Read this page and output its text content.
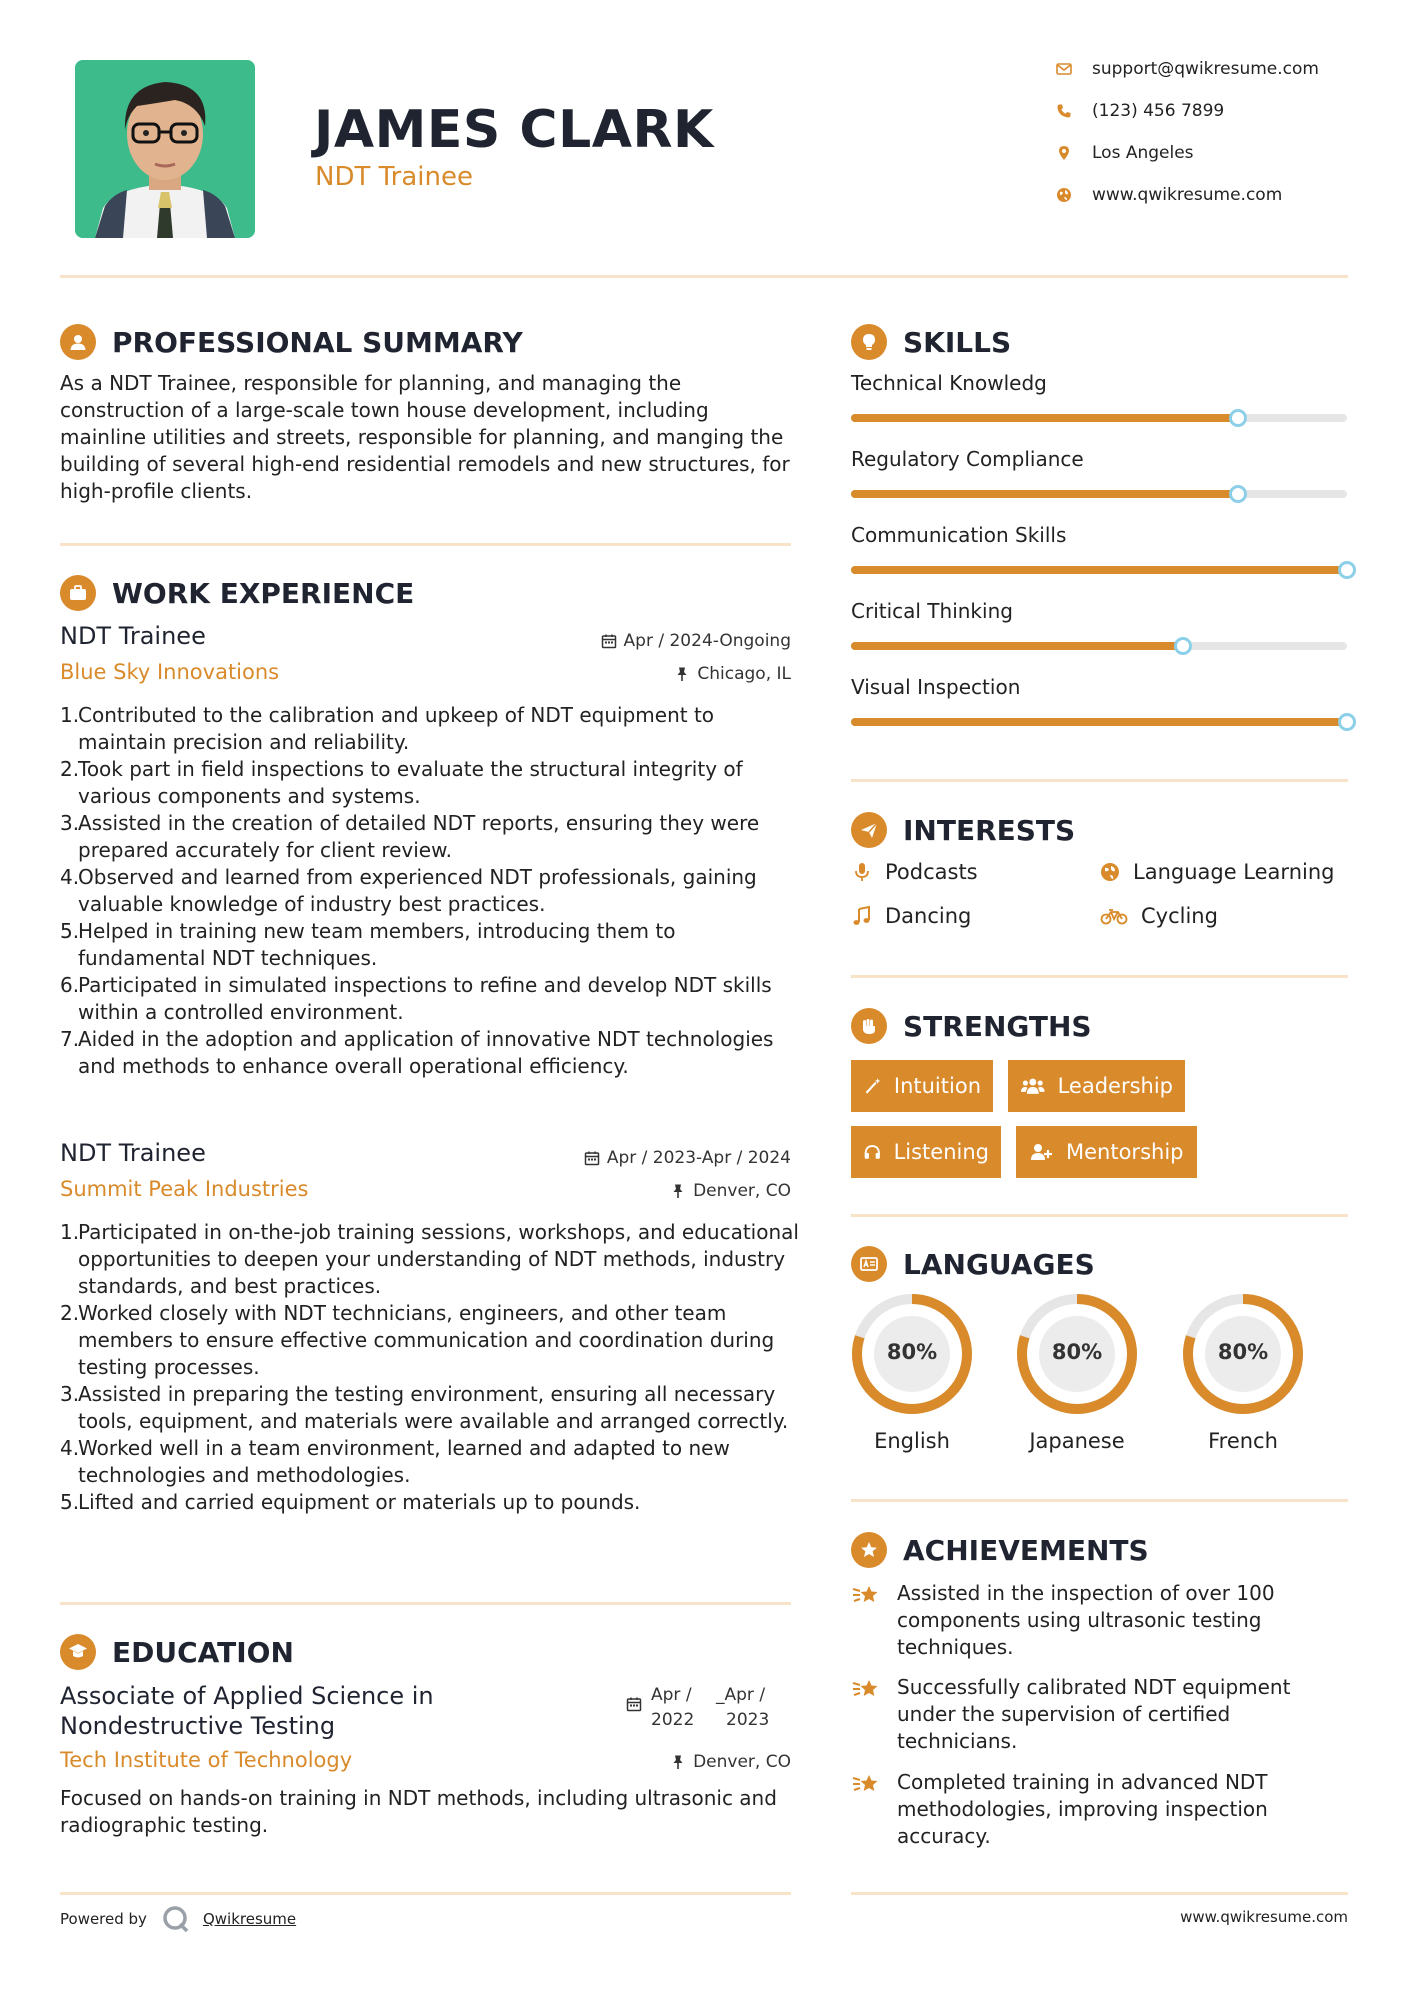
JAMES CLARK
NDT Trainee
support@qwikresume.com
(123) 456 7899
Los Angeles
www.qwikresume.com
PROFESSIONAL SUMMARY
As a NDT Trainee, responsible for planning, and managing the construction of a large-scale town house development, including mainline utilities and streets, responsible for planning, and manging the building of several high-end residential remodels and new structures, for high-profile clients.
WORK EXPERIENCE
NDT Trainee	Apr / 2024-Ongoing
Blue Sky Innovations	Chicago, IL
1.
Contributed to the calibration and upkeep of NDT equipment to maintain precision and reliability.
2.
Took part in field inspections to evaluate the structural integrity of various components and systems.
3.
Assisted in the creation of detailed NDT reports, ensuring they were prepared accurately for client review.
4.
Observed and learned from experienced NDT professionals, gaining valuable knowledge of industry best practices.
5.
Helped in training new team members, introducing them to fundamental NDT techniques.
6.
Participated in simulated inspections to refine and develop NDT skills within a controlled environment.
7.
Aided in the adoption and application of innovative NDT technologies and methods to enhance overall operational efficiency.
NDT Trainee	Apr / 2023-Apr / 2024
Summit Peak Industries	Denver, CO
1.
Participated in on-the-job training sessions, workshops, and educational opportunities to deepen your understanding of NDT methods, industry standards, and best practices.
2.
Worked closely with NDT technicians, engineers, and other team members to ensure effective communication and coordination during testing processes.
3.
Assisted in preparing the testing environment, ensuring all necessary tools, equipment, and materials were available and arranged correctly.
4.
Worked well in a team environment, learned and adapted to new technologies and methodologies.
5.
Lifted and carried equipment or materials up to pounds.
EDUCATION
Associate of Applied Science in
Nondestructive Testing
Apr /
2022
_Apr /
2023
Tech Institute of Technology	Denver, CO
Focused on hands-on training in NDT methods, including ultrasonic and radiographic testing.
SKILLS
Technical Knowledg
Regulatory Compliance
Communication Skills
Critical Thinking
Visual Inspection
INTERESTS
Podcasts	Language Learning
Dancing	Cycling
STRENGTHS
Intuition	Leadership
Listening	Mentorship
LANGUAGES
80%
English
80%
Japanese
80%
French
ACHIEVEMENTS
Assisted in the inspection of over 100 components using ultrasonic testing techniques.
Successfully calibrated NDT equipment under the supervision of certified technicians.
Completed training in advanced NDT methodologies, improving inspection accuracy.
Powered by	Qwikresume	www.qwikresume.com
